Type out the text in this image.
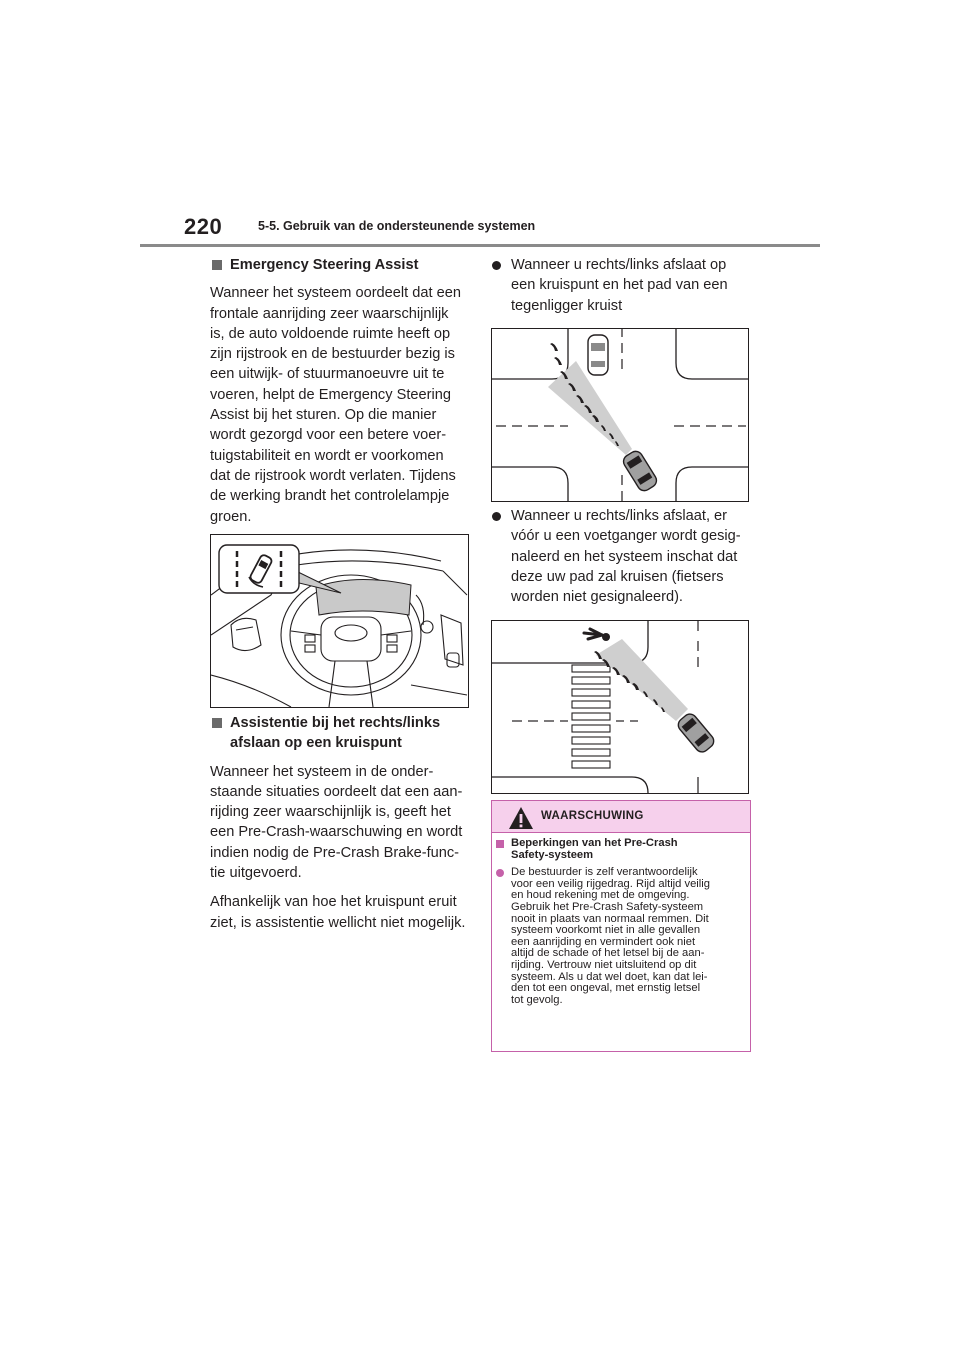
220	5-5. Gebruik van de ondersteunende systemen
Emergency Steering Assist
Wanneer het systeem oordeelt dat een
frontale aanrijding zeer waarschijnlijk
is, de auto voldoende ruimte heeft op
zijn rijstrook en de bestuurder bezig is
een uitwijk- of stuurmanoeuvre uit te
voeren, helpt de Emergency Steering
Assist bij het sturen. Op die manier
wordt gezorgd voor een betere voer-
tuigstabiliteit en wordt er voorkomen
dat de rijstrook wordt verlaten. Tijdens
de werking brandt het controlelampje
groen.
Assistentie bij het rechts/links
afslaan op een kruispunt
Wanneer het systeem in de onder-
staande situaties oordeelt dat een aan-
rijding zeer waarschijnlijk is, geeft het
een Pre-Crash-waarschuwing en wordt
indien nodig de Pre-Crash Brake-func-
tie uitgevoerd.
Afhankelijk van hoe het kruispunt eruit
ziet, is assistentie wellicht niet mogelijk.
Wanneer u rechts/links afslaat op
een kruispunt en het pad van een
tegenligger kruist
Wanneer u rechts/links afslaat, er
vóór u een voetganger wordt gesig-
naleerd en het systeem inschat dat
deze uw pad zal kruisen (fietsers
worden niet gesignaleerd).
WAARSCHUWING
Beperkingen van het Pre-Crash
Safety-systeem
De bestuurder is zelf verantwoordelijk
voor een veilig rijgedrag. Rijd altijd veilig
en houd rekening met de omgeving.
Gebruik het Pre-Crash Safety-systeem
nooit in plaats van normaal remmen. Dit
systeem voorkomt niet in alle gevallen
een aanrijding en vermindert ook niet
altijd de schade of het letsel bij de aan-
rijding. Vertrouw niet uitsluitend op dit
systeem. Als u dat wel doet, kan dat lei-
den tot een ongeval, met ernstig letsel
tot gevolg.
